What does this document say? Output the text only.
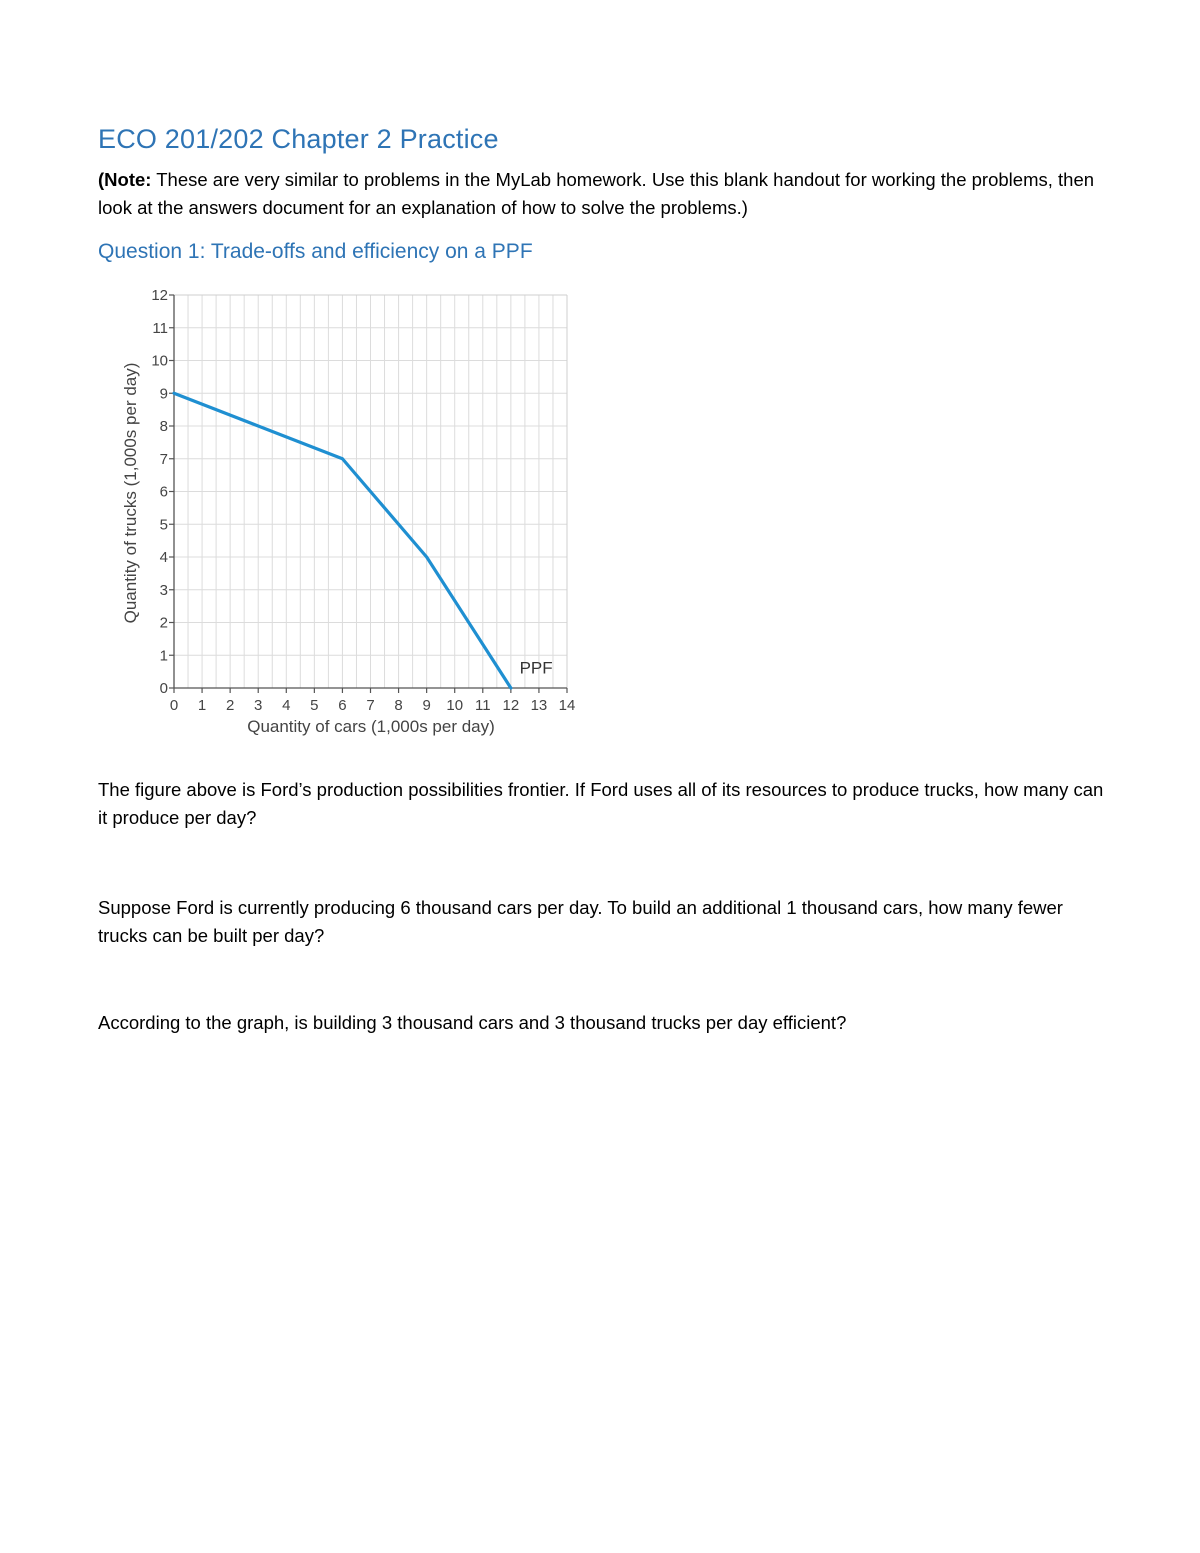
ECO 201/202 Chapter 2 Practice

(Note: These are very similar to problems in the MyLab homework. Use this blank handout for working the problems, then look at the answers document for an explanation of how to solve the problems.)

Question 1: Trade-offs and efficiency on a PPF
0
1
2
3
4
5
6
7
8
9
10
11
12
0 1 2 3 4 5 6 7 8 9 10 11 12 13 14
PPF
Quantity of cars (1,000s per day)
Quantity of trucks (1,000s per day)

The figure above is Ford’s production possibilities frontier. If Ford uses all of its resources to produce trucks, how many can it produce per day?

Suppose Ford is currently producing 6 thousand cars per day. To build an additional 1 thousand cars, how many fewer trucks can be built per day?

According to the graph, is building 3 thousand cars and 3 thousand trucks per day efficient?
